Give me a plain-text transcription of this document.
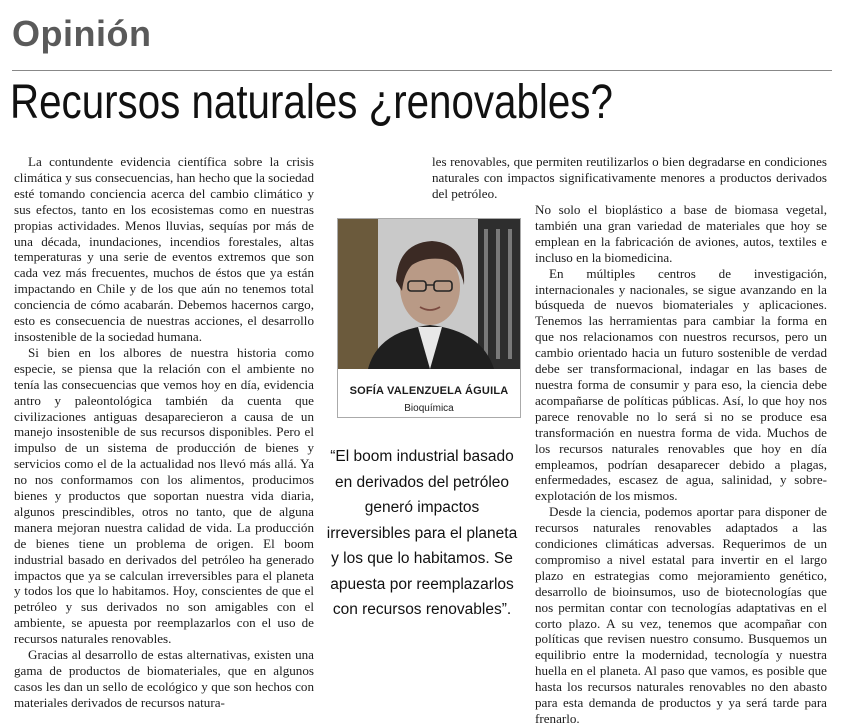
Opinión
Recursos naturales ¿renovables?

La contundente evidencia científica sobre la crisis climática y sus consecuencias, han hecho que la sociedad esté tomando conciencia acerca del cambio climático y sus efectos, tanto en los ecosistemas como en nuestras propias actividades. Menos lluvias, sequías por más de una década, inundaciones, incendios forestales, altas temperaturas y una serie de eventos extremos que son cada vez más frecuentes, muchos de éstos que ya están impactando en Chile y de los que aún no tenemos total conciencia de cómo acabarán. Debemos hacernos cargo, esto es consecuencia de nuestras acciones, el desarrollo insostenible de la sociedad humana.

Si bien en los albores de nuestra historia como especie, se piensa que la relación con el ambiente no tenía las consecuencias que vemos hoy en día, evidencia antro y paleontológica también da cuenta que civilizaciones antiguas desaparecieron a causa de un manejo insostenible de sus recursos disponibles. Pero el impulso de un sistema de producción de bienes y servicios como el de la actualidad nos llevó más allá. Ya no nos conformamos con los alimentos, producimos bienes y productos que soportan nuestra vida diaria, algunos prescindibles, otros no tanto, que de alguna manera mejoran nuestra calidad de vida. La producción de bienes tiene un problema de origen. El boom industrial basado en derivados del petróleo ha generado impactos que ya se calculan irreversibles para el planeta y todos los que lo habitamos. Hoy, conscientes de que el petróleo y sus derivados no son amigables con el ambiente, se apuesta por reemplazarlos con el uso de recursos naturales renovables.

Gracias al desarrollo de estas alternativas, existen una gama de productos de biomateriales, que en algunos casos les dan un sello de ecológico y que son hechos con materiales derivados de recursos natura-

les renovables, que permiten reutilizarlos o bien degradarse en condiciones naturales con impactos significativamente menores a productos derivados del petróleo.

SOFÍA VALENZUELA ÁGUILA
Bioquímica
“El boom industrial basado en derivados del petróleo generó impactos irreversibles para el planeta y los que lo habitamos. Se apuesta por reemplazarlos con recursos renovables”.

No solo el bioplástico a base de biomasa vegetal, también una gran variedad de materiales que hoy se emplean en la fabricación de aviones, autos, textiles e incluso en la biomedicina.

En múltiples centros de investigación, internacionales y nacionales, se sigue avanzando en la búsqueda de nuevos biomateriales y aplicaciones. Tenemos las herramientas para cambiar la forma en que nos relacionamos con nuestros recursos, pero un cambio orientado hacia un futuro sostenible de verdad debe ser transformacional, indagar en las bases de nuestra forma de consumir y para eso, la ciencia debe acompañarse de políticas públicas. Así, lo que hoy nos parece renovable no lo será si no se produce esa transformación en nuestra forma de vida. Muchos de los recursos naturales renovables que hoy en día empleamos, podrían desaparecer debido a plagas, enfermedades, escasez de agua, salinidad, y sobre-explotación de los mismos.

Desde la ciencia, podemos aportar para disponer de recursos naturales renovables adaptados a las condiciones climáticas adversas. Requerimos de un compromiso a nivel estatal para invertir en el largo plazo en estrategias como mejoramiento genético, desarrollo de bioinsumos, uso de biotecnologías que nos permitan contar con tecnologías adaptativas en el corto plazo. A su vez, tenemos que acompañar con políticas que revisen nuestro consumo. Busquemos un equilibrio entre la modernidad, tecnología y nuestra huella en el planeta. Al paso que vamos, es posible que hasta los recursos naturales renovables no den abasto para esta demanda de productos y ya será tarde para frenarlo.
